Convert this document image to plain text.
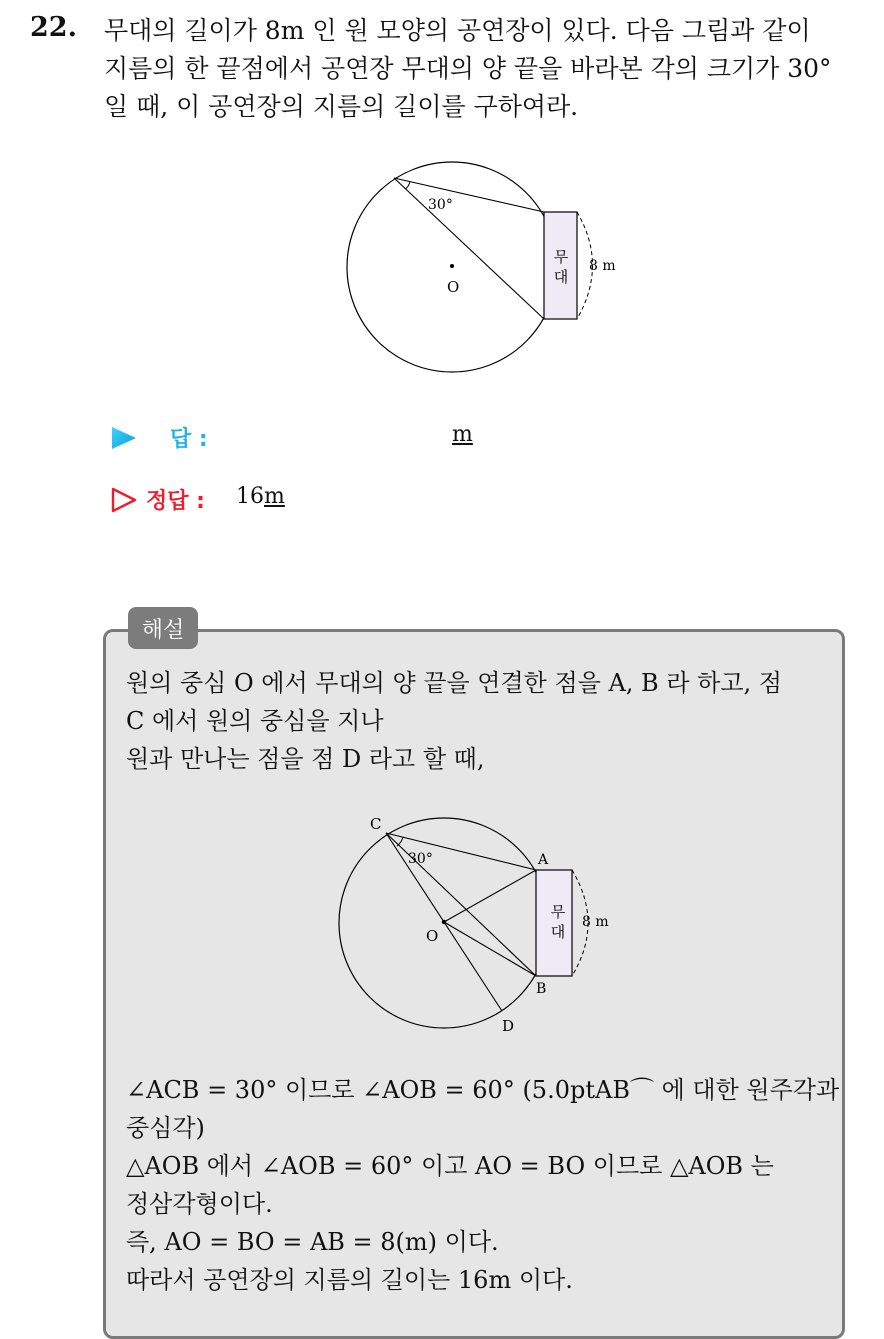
22. 무대의 길이가 8m 인 원 모양의 공연장이 있다. 다음 그림과 같이
지름의 한 끝점에서 공연장 무대의 양 끝을 바라본 각의 크기가 30°
일 때, 이 공연장의 지름의 길이를 구하여라.
30°
O
무
대
8 m
답 :	m
정답 : 16m
해설
원의 중심 O 에서 무대의 양 끝을 연결한 점을 A, B 라 하고, 점
C 에서 원의 중심을 지나
원과 만나는 점을 점 D 라고 할 때,
C
A
B
O
D
30°
무
대
8 m
∠ACB = 30° 이므로 ∠AOB = 60° (5.0ptAB⌒ 에 대한 원주각과
중심각)
△AOB 에서 ∠AOB = 60° 이고 AO = BO 이므로 △AOB 는
정삼각형이다.
즉, AO = BO = AB = 8(m) 이다.
따라서 공연장의 지름의 길이는 16m 이다.
